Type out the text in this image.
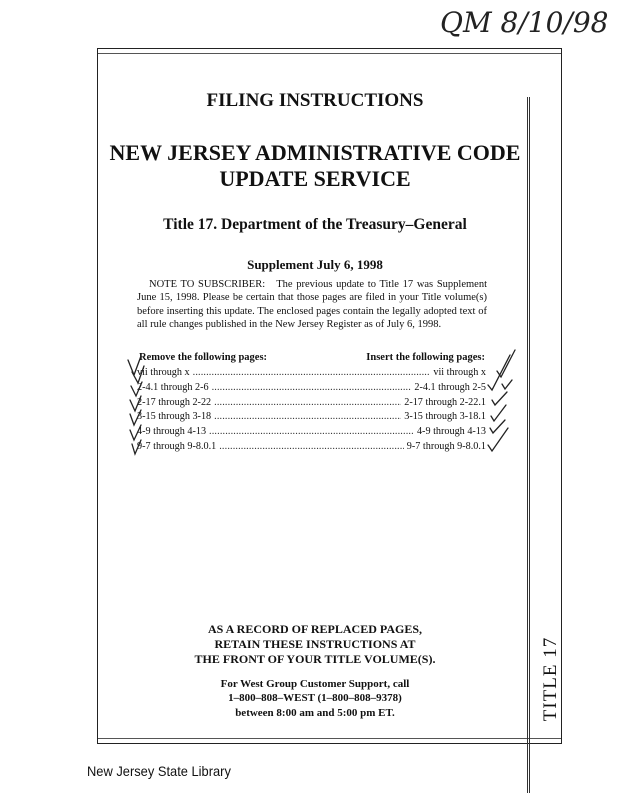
QM 8/10/98
TITLE 17
FILING INSTRUCTIONS
NEW JERSEY ADMINISTRATIVE CODE
UPDATE SERVICE
Title 17. Department of the Treasury–General
Supplement July 6, 1998
NOTE TO SUBSCRIBER: The previous update to Title 17 was Supplement June 15, 1998. Please be certain that those pages are filed in your Title volume(s) before inserting this update. The enclosed pages contain the legally adopted text of all rule changes published in the New Jersey Register as of July 6, 1998.
Remove the following pages:	Insert the following pages:
vii through x . . .	vii through x
2-4.1 through 2-6 . . .	2-4.1 through 2-5
2-17 through 2-22 . . .	2-17 through 2-22.1
3-15 through 3-18 . . .	3-15 through 3-18.1
4-9 through 4-13 . . .	4-9 through 4-13
9-7 through 9-8.0.1 . . .	9-7 through 9-8.0.1
AS A RECORD OF REPLACED PAGES,
RETAIN THESE INSTRUCTIONS AT
THE FRONT OF YOUR TITLE VOLUME(S).
For West Group Customer Support, call
1–800–808–WEST (1–800–808–9378)
between 8:00 am and 5:00 pm ET.
New Jersey State Library
